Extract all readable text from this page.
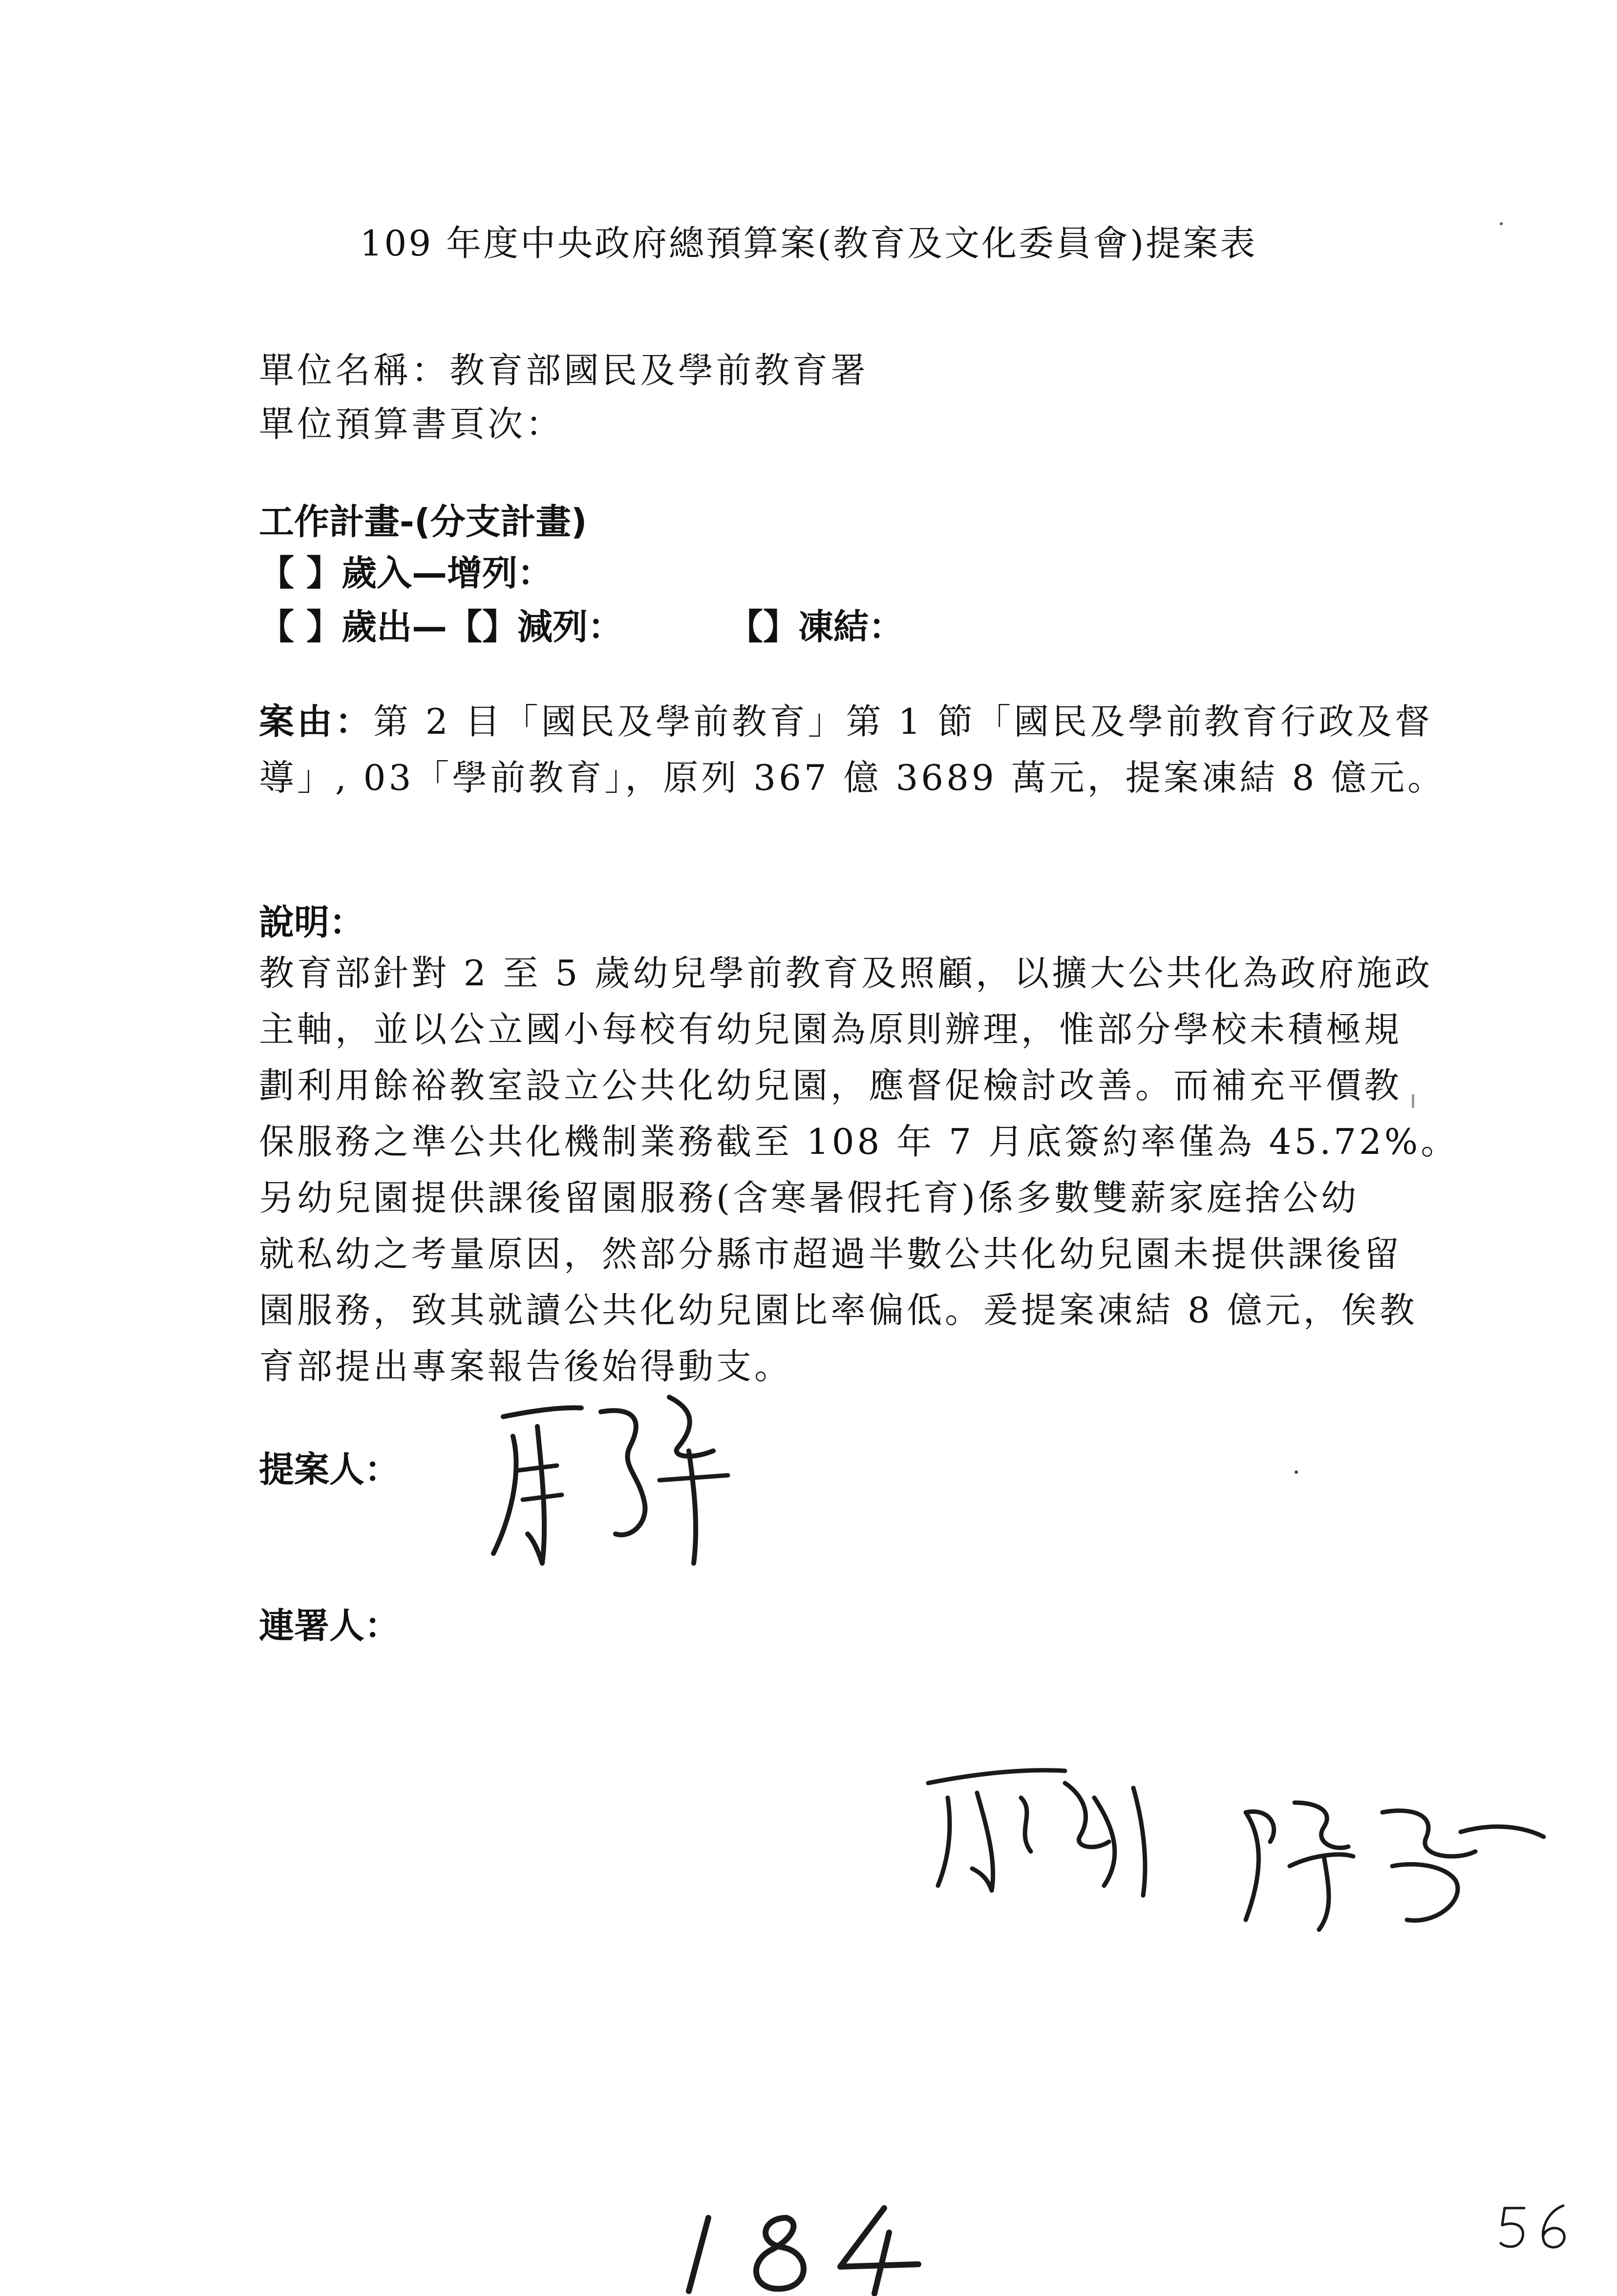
109 年度中央政府總預算案(教育及文化委員會)提案表
單位名稱：教育部國民及學前教育署
單位預算書頁次：
工作計畫-(分支計畫)
【 】歲入—增列：
【 】歲出—【】減列：	【】凍結：

案由：第 2 目「國民及學前教育」第 1 節「國民及學前教育行政及督

導」, 03「學前教育」，原列 367 億 3689 萬元，提案凍結 8 億元。

說明：

教育部針對 2 至 5 歲幼兒學前教育及照顧，以擴大公共化為政府施政

主軸，並以公立國小每校有幼兒園為原則辦理，惟部分學校未積極規

劃利用餘裕教室設立公共化幼兒園，應督促檢討改善。而補充平價教

保服務之準公共化機制業務截至 108 年 7 月底簽約率僅為 45.72%。

另幼兒園提供課後留園服務(含寒暑假托育)係多數雙薪家庭捨公幼

就私幼之考量原因，然部分縣市超過半數公共化幼兒園未提供課後留

園服務，致其就讀公共化幼兒園比率偏低。爰提案凍結 8 億元，俟教

育部提出專案報告後始得動支。

提案人：
連署人：
